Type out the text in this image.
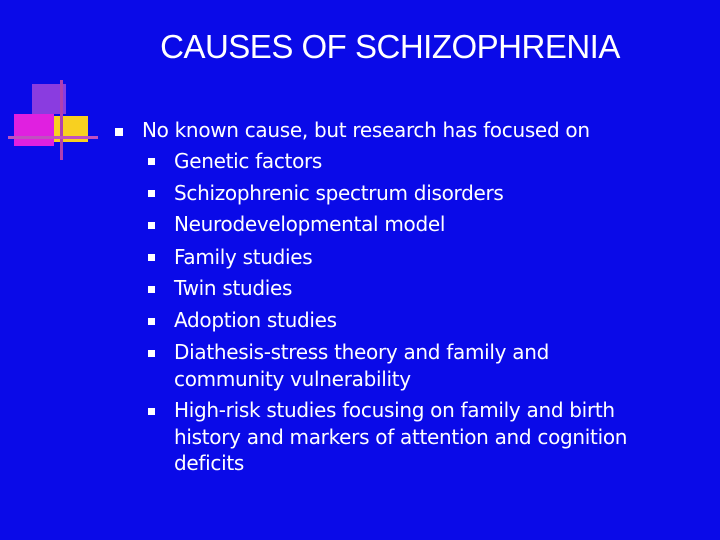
CAUSES OF SCHIZOPHRENIA
No known cause, but research has focused on
Genetic factors
Schizophrenic spectrum disorders
Neurodevelopmental model
Family studies
Twin studies
Adoption studies
Diathesis-stress theory and family and
community vulnerability
High-risk studies focusing on family and birth
history and markers of attention and cognition
deficits
